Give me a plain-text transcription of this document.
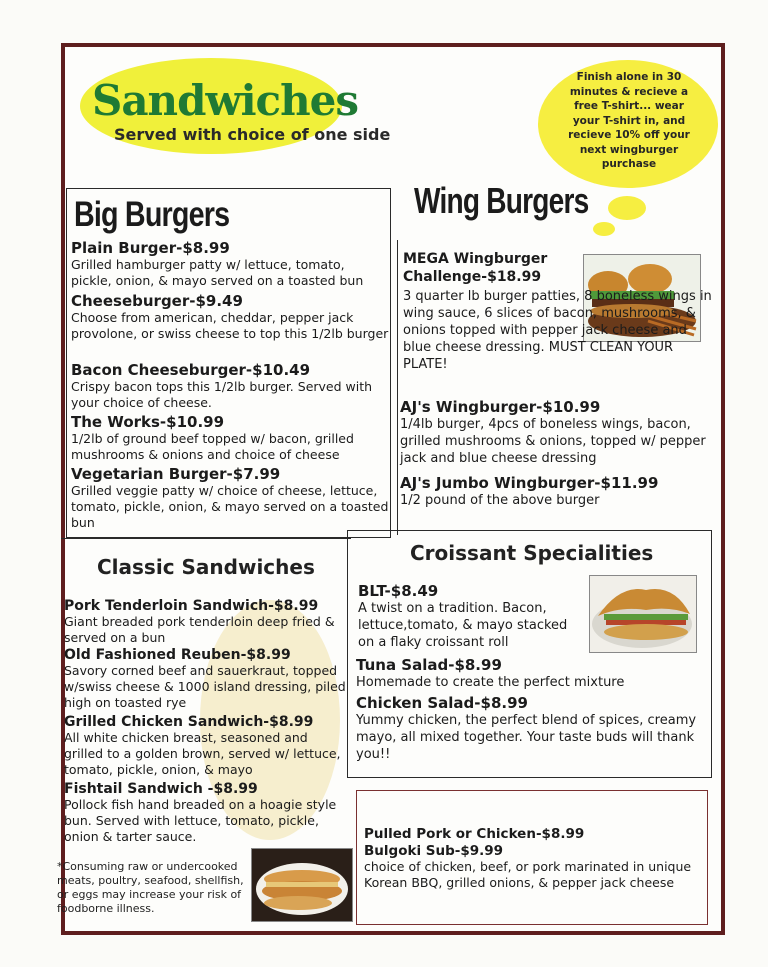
Sandwiches
Served with choice of one side
Finish alone in 30 minutes & recieve a free T-shirt... wear your T-shirt in, and recieve 10% off your next wingburger purchase
Big Burgers
Plain Burger-$8.99
Grilled hamburger patty w/ lettuce, tomato, pickle, onion, & mayo served on a toasted bun
Cheeseburger-$9.49
Choose from american, cheddar, pepper jack provolone, or swiss cheese to top this 1/2lb burger
Bacon Cheeseburger-$10.49
Crispy bacon tops this 1/2lb burger. Served with your choice of cheese.
The Works-$10.99
1/2lb of ground beef topped w/ bacon, grilled mushrooms & onions and choice of cheese
Vegetarian Burger-$7.99
Grilled veggie patty w/ choice of cheese, lettuce, tomato, pickle, onion, & mayo served on a toasted bun
Wing Burgers
MEGA Wingburger Challenge-$18.99
3 quarter lb burger patties, 8 boneless wings in wing sauce, 6 slices of bacon, mushrooms, & onions topped with pepper jack cheese and blue cheese dressing. MUST CLEAN YOUR PLATE!
AJ's Wingburger-$10.99
1/4lb burger, 4pcs of boneless wings, bacon, grilled mushrooms & onions, topped w/ pepper jack and blue cheese dressing
AJ's Jumbo Wingburger-$11.99
1/2 pound of the above burger
Classic Sandwiches
Pork Tenderloin Sandwich-$8.99
Giant breaded pork tenderloin deep fried & served on a bun
Old Fashioned Reuben-$8.99
Savory corned beef and sauerkraut, topped w/swiss cheese & 1000 island dressing, piled high on toasted rye
Grilled Chicken Sandwich-$8.99
All white chicken breast, seasoned and grilled to a golden brown, served w/ lettuce, tomato, pickle, onion, & mayo
Fishtail Sandwich -$8.99
Pollock fish hand breaded on a hoagie style bun. Served with lettuce, tomato, pickle, onion & tarter sauce.
*Consuming raw or undercooked meats, poultry, seafood, shellfish, or eggs may increase your risk of foodborne illness.
Croissant Specialities
BLT-$8.49
A twist on a tradition. Bacon, lettuce,tomato, & mayo stacked on a flaky croissant roll
Tuna Salad-$8.99
Homemade to create the perfect mixture
Chicken Salad-$8.99
Yummy chicken, the perfect blend of spices, creamy mayo, all mixed together. Your taste buds will thank you!!
Pulled Pork or Chicken-$8.99
Bulgoki Sub-$9.99
choice of chicken, beef, or pork marinated in unique Korean BBQ, grilled onions, & pepper jack cheese
